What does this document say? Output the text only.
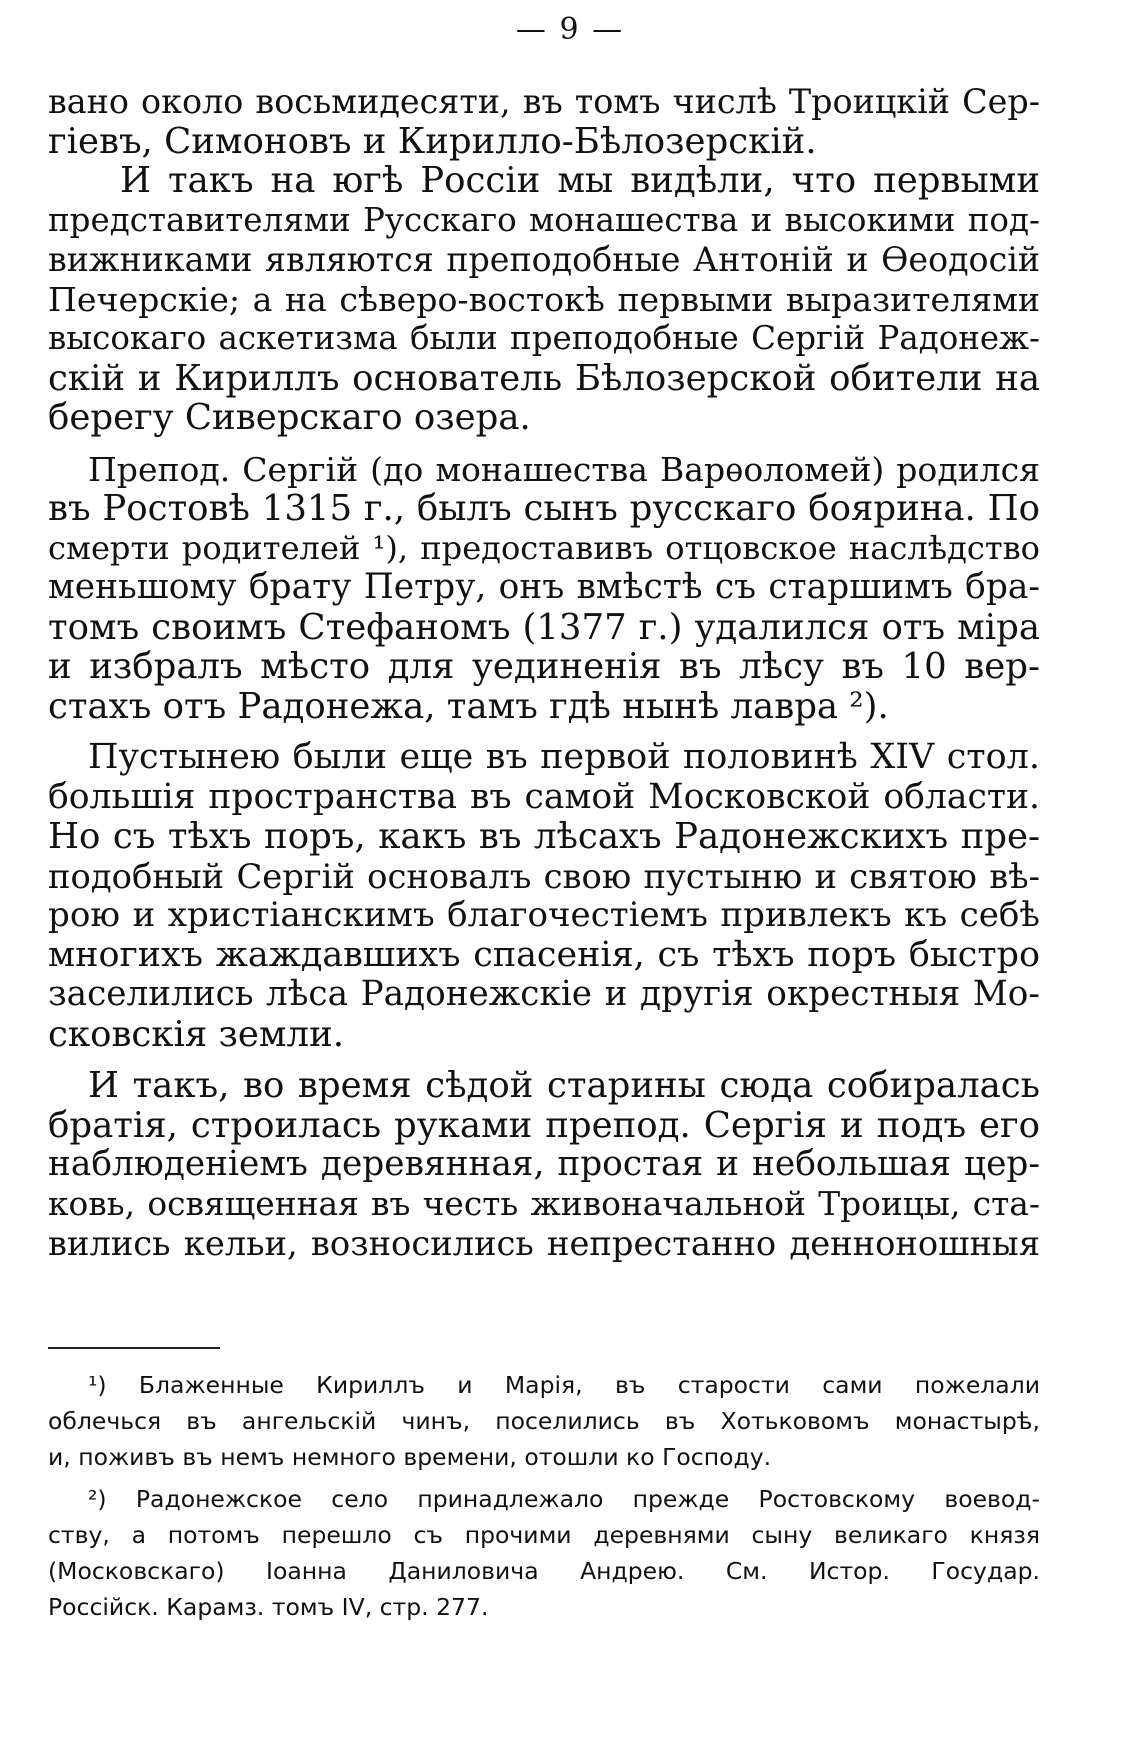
— 9 —
вано около восьмидесяти, въ томъ числѣ Троицкій Сер-
гіевъ, Симоновъ и Кирилло-Бѣлозерскій.
И такъ на югѣ Россіи мы видѣли, что первыми
представителями Русскаго монашества и высокими под-
вижниками являются преподобные Антоній и Ѳеодосій
Печерскіе; а на сѣверо-востокѣ первыми выразителями
высокаго аскетизма были преподобные Сергій Радонеж-
скій и Кириллъ основатель Бѣлозерской обители на
берегу Сиверскаго озера.
Препод. Сергій (до монашества Варѳоломей) родился
въ Ростовѣ 1315 г., былъ сынъ русскаго боярина. По
смерти родителей ¹), предоставивъ отцовское наслѣдство
меньшому брату Петру, онъ вмѣстѣ съ старшимъ бра-
томъ своимъ Стефаномъ (1377 г.) удалился отъ міра
и избралъ мѣсто для уединенія въ лѣсу въ 10 вер-
стахъ отъ Радонежа, тамъ гдѣ нынѣ лавра ²).
Пустынею были еще въ первой половинѣ XIV стол.
большія пространства въ самой Московской области.
Но съ тѣхъ поръ, какъ въ лѣсахъ Радонежскихъ пре-
подобный Сергій основалъ свою пустыню и святою вѣ-
рою и христіанскимъ благочестіемъ привлекъ къ себѣ
многихъ жаждавшихъ спасенія, съ тѣхъ поръ быстро
заселились лѣса Радонежскіе и другія окрестныя Мо-
сковскія земли.
И такъ, во время сѣдой старины сюда собиралась
братія, строилась руками препод. Сергія и подъ его
наблюденіемъ деревянная, простая и небольшая цер-
ковь, освященная въ честь живоначальной Троицы, ста-
вились кельи, возносились непрестанно денноношныя
¹) Блаженные Кириллъ и Марія, въ старости сами пожелали
облечься въ ангельскій чинъ, поселились въ Хотьковомъ монастырѣ,
и, поживъ въ немъ немного времени, отошли ко Господу.
²) Радонежское село принадлежало прежде Ростовскому воевод-
ству, а потомъ перешло съ прочими деревнями сыну великаго князя
(Московскаго) Іоанна Даниловича Андрею. См. Истор. Государ.
Россійск. Карамз. томъ IV, стр. 277.
